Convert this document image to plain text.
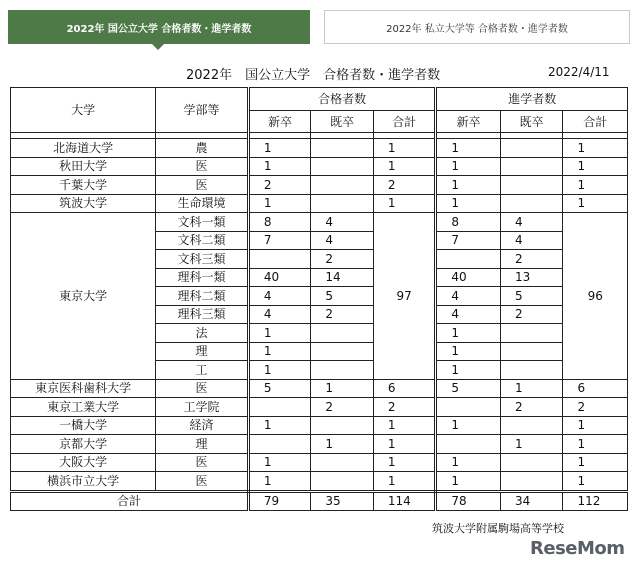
2022年 国公立大学 合格者数・進学者数	2022年 私立大学等 合格者数・進学者数
2022年　国公立大学　合格者数・進学者数	2022/4/11
大学	学部等	合格者数			進学者数		
		新卒	既卒	合計	新卒	既卒	合計

北海道大学	農	1		1	1		1
秋田大学	医	1		1	1		1
千葉大学	医	2		2	1		1
筑波大学	生命環境	1		1	1		1
東京大学	文科一類	8	4	97	8	4	96
	文科二類	7	4		7	4	
	文科三類		2			2	
	理科一類	40	14		40	13	
	理科二類	4	5		4	5	
	理科三類	4	2		4	2	
	法	1			1		
	理	1			1		
	工	1			1		
東京医科歯科大学	医	5	1	6	5	1	6
東京工業大学	工学院		2	2		2	2
一橋大学	経済	1		1	1		1
京都大学	理		1	1		1	1
大阪大学	医	1		1	1		1
横浜市立大学	医	1		1	1		1
合計		79	35	114	78	34	112
筑波大学附属駒場高等学校
ReseMom
